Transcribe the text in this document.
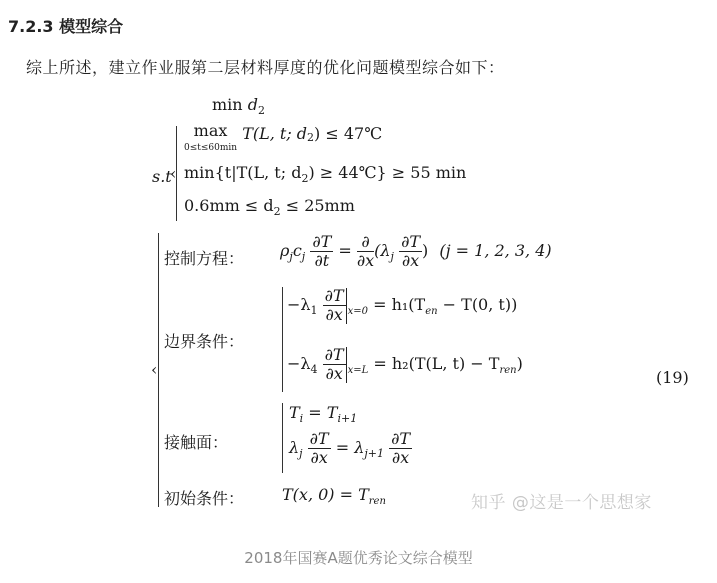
7.2.3 模型综合
综上所述，建立作业服第二层材料厚度的优化问题模型综合如下：
$\min d_2$
s.t
‹
max
0≤t≤60min T(L, t; $d_2$) ≤ 47℃
min{t|T(L, t; $d_2$) ≥ 44℃} ≥ 55 min
$0.6mm \le d_2 \le 25mm$
‹
控制方程： $\rho_jc_j \frac{\partial T}{\partial t} = \frac{\partial}{\partial x} (\lambda_j \frac{\partial T}{\partial x}$ ) (j = 1, 2, 3, 4)
边界条件：
$-\lambda_1 \frac{\partial T}{\partial x} _{x=0} = h_1(T_{en} - T(0$, t))
$-\lambda_4 \frac{\partial T}{\partial x} _{x=L} = h_2(T(L$, $t) - T_{ren}$)
(19)
接触面：
$T_i = T_{i+1}$
$\lambda_j \frac{\partial T}{\partial x} = \lambda_{j+1} \frac{\partial T}{\partial x}$
初始条件： T(x, $0) = T_{ren}$	知乎 @这是一个思想家
2018年国赛A题优秀论文综合模型
